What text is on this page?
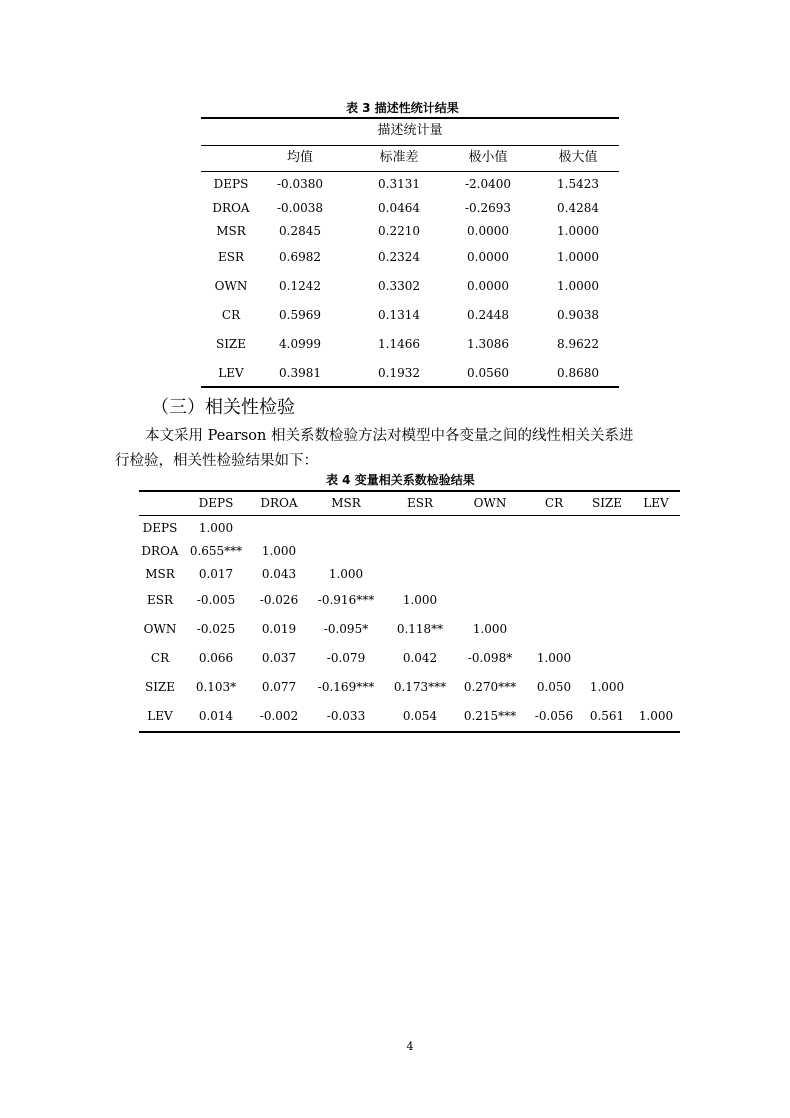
表 3 描述性统计结果
描述统计量
均值	标准差	极小值	极大值
DEPS -0.0380	0.3131	-2.0400	1.5423
DROA -0.0038	0.0464	-0.2693	0.4284
MSR	0.2845	0.2210	0.0000	1.0000
ESR	0.6982	0.2324	0.0000	1.0000
OWN	0.1242	0.3302	0.0000	1.0000
CR	0.5969	0.1314	0.2448	0.9038
SIZE	4.0999	1.1466	1.3086	8.9622
LEV	0.3981	0.1932	0.0560	0.8680
（三）相关性检验
本文采用 Pearson 相关系数检验方法对模型中各变量之间的线性相关关系进
行检验，相关性检验结果如下：
表 4 变量相关系数检验结果
DEPS DROA	MSR	ESR	OWN	CR SIZE LEV
DEPS 1.000
DROA 0.655*** 1.000
MSR 0.017 0.043	1.000
ESR -0.005 -0.026 -0.916*** 1.000
OWN -0.025 0.019 -0.095* 0.118** 1.000
CR 0.066 0.037	-0.079	0.042	-0.098* 1.000
SIZE 0.103* 0.077 -0.169*** 0.173*** 0.270*** 0.050 1.000
LEV 0.014 -0.002 -0.033	0.054 0.215*** -0.056 0.561 1.000
4
